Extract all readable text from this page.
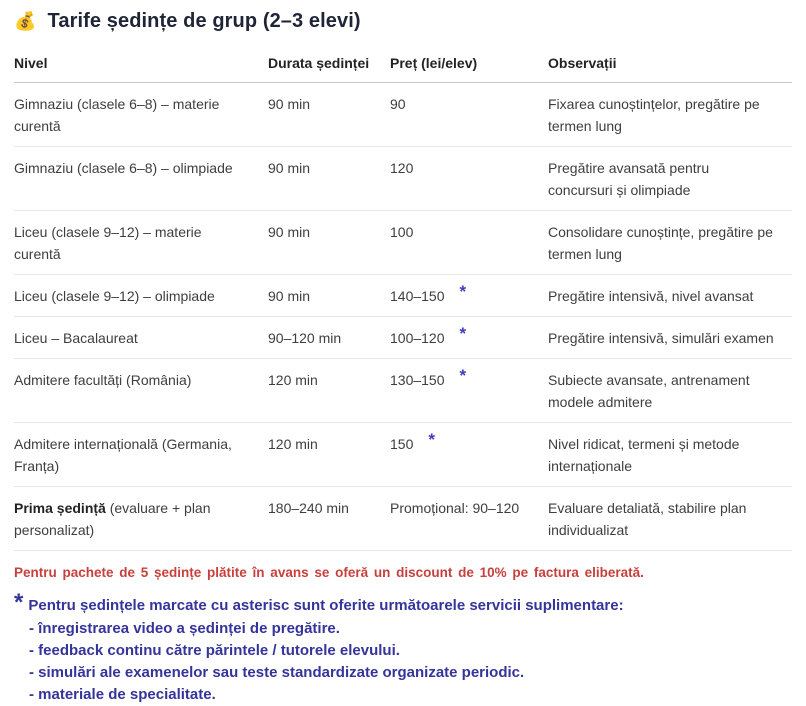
💰 Tarife ședințe de grup (2–3 elevi)
Nivel	Durata ședinței	Preț (lei/elev)	Observații
Gimnaziu (clasele 6–8) – materie curentă	90 min	90	Fixarea cunoștințelor, pregătire pe termen lung
Gimnaziu (clasele 6–8) – olimpiade	90 min	120	Pregătire avansată pentru concursuri și olimpiade
Liceu (clasele 9–12) – materie curentă	90 min	100	Consolidare cunoștințe, pregătire pe termen lung
Liceu (clasele 9–12) – olimpiade	90 min	140–150 *	Pregătire intensivă, nivel avansat
Liceu – Bacalaureat	90–120 min	100–120 *	Pregătire intensivă, simulări examen
Admitere facultăți (România)	120 min	130–150 *	Subiecte avansate, antrenament modele admitere
Admitere internațională (Germania, Franța)	120 min	150 *	Nivel ridicat, termeni și metode internaționale
Prima ședință (evaluare + plan personalizat)	180–240 min	Promoțional: 90–120	Evaluare detaliată, stabilire plan individualizat

Pentru pachete de 5 ședințe plătite în avans se oferă un discount de 10% pe factura eliberată.

* Pentru ședințele marcate cu asterisc sunt oferite următoarele servicii suplimentare:
- înregistrarea video a ședinței de pregătire.
- feedback continu către părintele / tutorele elevului.
- simulări ale examenelor sau teste standardizate organizate periodic.
- materiale de specialitate.
